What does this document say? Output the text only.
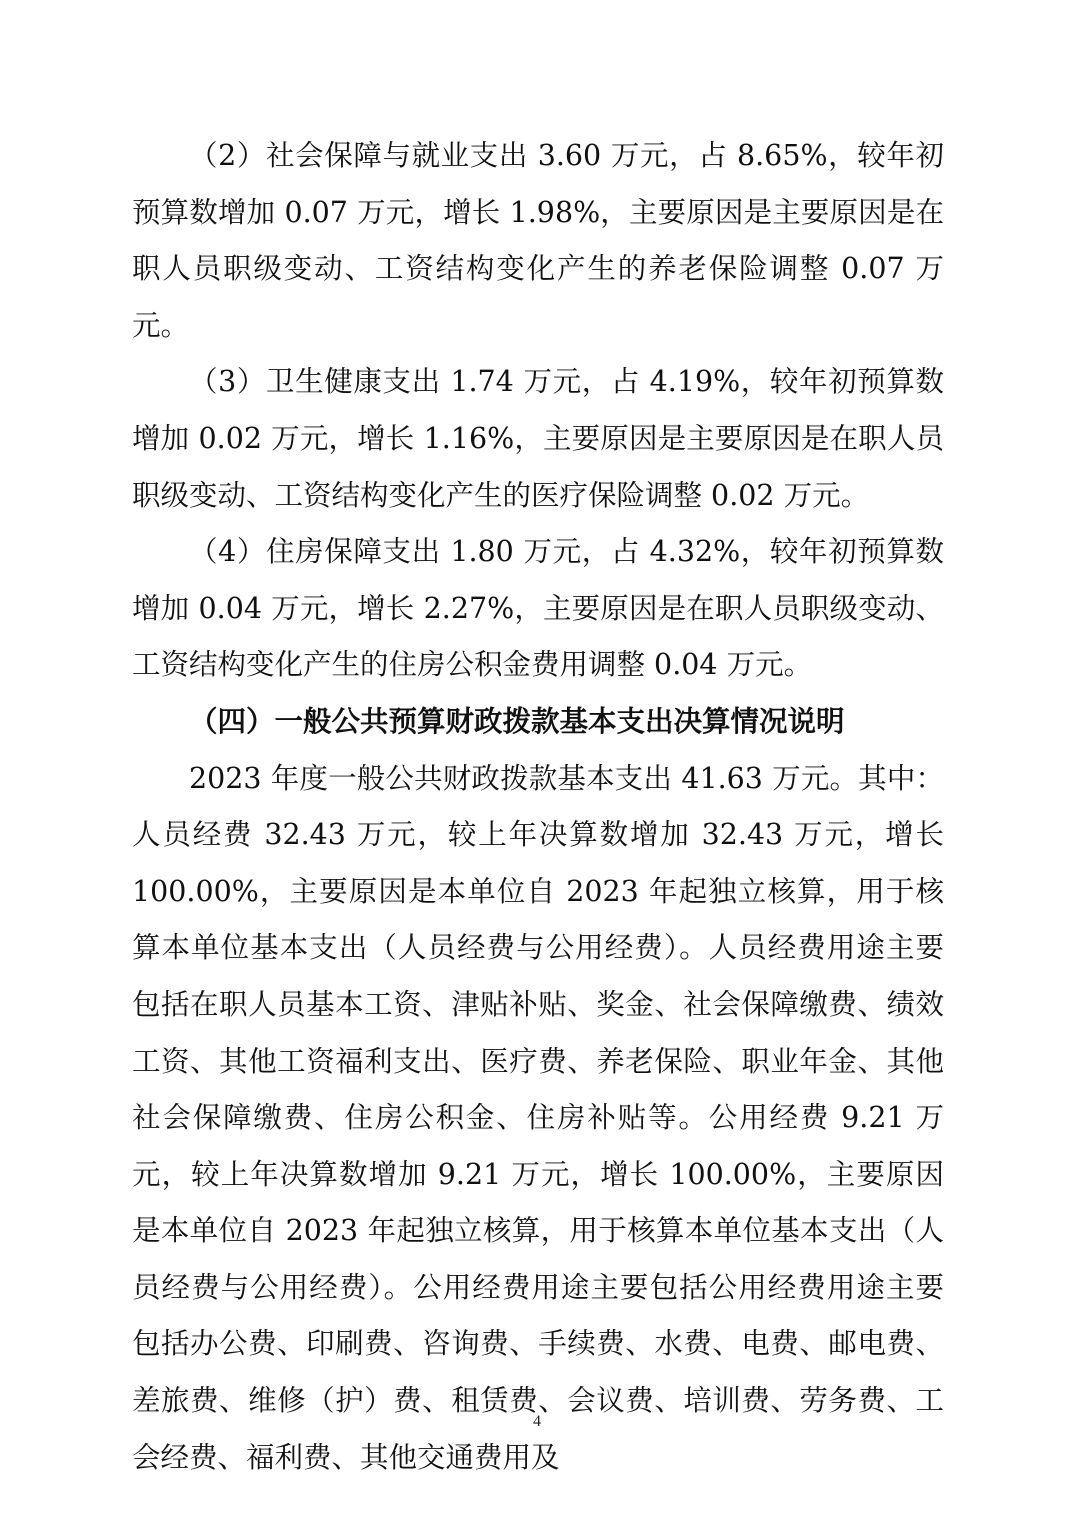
（2）社会保障与就业支出 3.60 万元，占 8.65%，较年初预算数增加 0.07 万元，增长 1.98%，主要原因是主要原因是在职人员职级变动、工资结构变化产生的养老保险调整 0.07 万元。

（3）卫生健康支出 1.74 万元，占 4.19%，较年初预算数增加 0.02 万元，增长 1.16%，主要原因是主要原因是在职人员职级变动、工资结构变化产生的医疗保险调整 0.02 万元。

（4）住房保障支出 1.80 万元，占 4.32%，较年初预算数增加 0.04 万元，增长 2.27%，主要原因是在职人员职级变动、工资结构变化产生的住房公积金费用调整 0.04 万元。

（四）一般公共预算财政拨款基本支出决算情况说明

2023 年度一般公共财政拨款基本支出 41.63 万元。其中：人员经费 32.43 万元，较上年决算数增加 32.43 万元，增长 100.00%，主要原因是本单位自 2023 年起独立核算，用于核算本单位基本支出（人员经费与公用经费）。人员经费用途主要包括在职人员基本工资、津贴补贴、奖金、社会保障缴费、绩效工资、其他工资福利支出、医疗费、养老保险、职业年金、其他社会保障缴费、住房公积金、住房补贴等。公用经费 9.21 万元，较上年决算数增加 9.21 万元，增长 100.00%，主要原因是本单位自 2023 年起独立核算，用于核算本单位基本支出（人员经费与公用经费）。公用经费用途主要包括公用经费用途主要包括办公费、印刷费、咨询费、手续费、水费、电费、邮电费、差旅费、维修（护）费、租赁费、会议费、培训费、劳务费、工会经费、福利费、其他交通费用及

4
